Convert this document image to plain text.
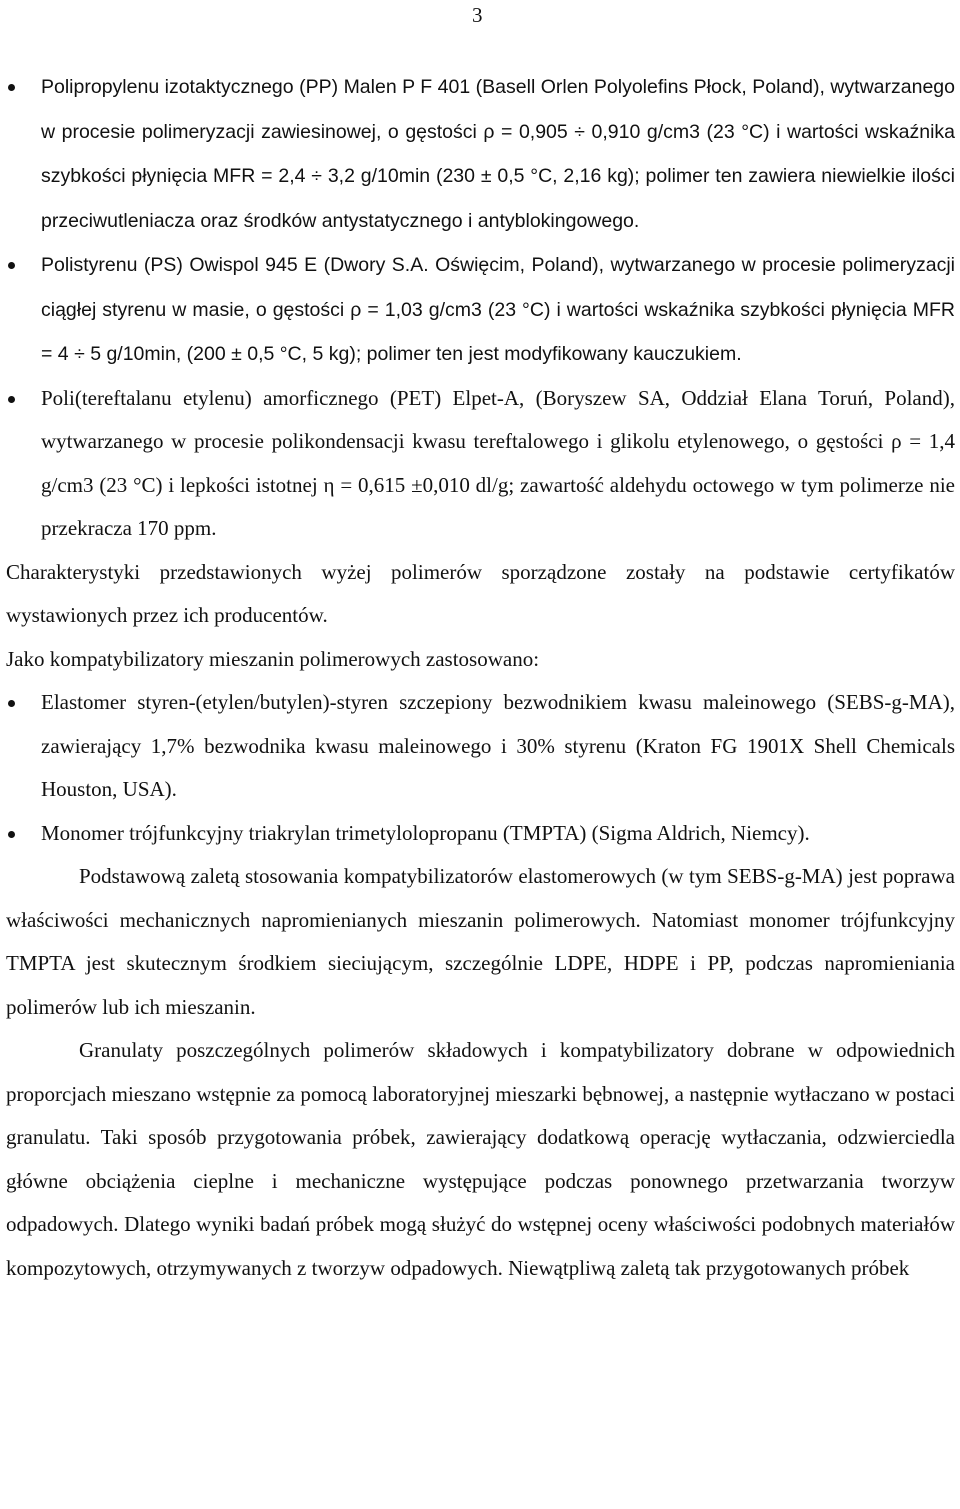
3
Polipropylenu izotaktycznego (PP) Malen P F 401 (Basell Orlen Polyolefins Płock, Poland), wytwarzanego w procesie polimeryzacji zawiesinowej, o gęstości ρ = 0,905 ÷ 0,910 g/cm3 (23 °C) i wartości wskaźnika szybkości płynięcia MFR = 2,4 ÷ 3,2 g/10min (230 ± 0,5 °C, 2,16 kg); polimer ten zawiera niewielkie ilości przeciwutleniacza oraz środków antystatycznego i antyblokingowego.
Polistyrenu (PS) Owispol 945 E (Dwory S.A. Oświęcim, Poland), wytwarzanego w procesie polimeryzacji ciągłej styrenu w masie, o gęstości ρ = 1,03 g/cm3 (23 °C) i wartości wskaźnika szybkości płynięcia MFR = 4 ÷ 5 g/10min, (200 ± 0,5 °C, 5 kg); polimer ten jest modyfikowany kauczukiem.
Poli(tereftalanu etylenu) amorficznego (PET) Elpet-A, (Boryszew SA, Oddział Elana Toruń, Poland), wytwarzanego w procesie polikondensacji kwasu tereftalowego i glikolu etylenowego, o gęstości ρ = 1,4 g/cm3 (23 °C) i lepkości istotnej η = 0,615 ±0,010 dl/g; zawartość aldehydu octowego w tym polimerze nie przekracza 170 ppm.

Charakterystyki przedstawionych wyżej polimerów sporządzone zostały na podstawie certyfikatów wystawionych przez ich producentów.

Jako kompatybilizatory mieszanin polimerowych zastosowano:

Elastomer styren-(etylen/butylen)-styren szczepiony bezwodnikiem kwasu maleinowego (SEBS-g-MA), zawierający 1,7% bezwodnika kwasu maleinowego i 30% styrenu (Kraton FG 1901X Shell Chemicals Houston, USA).
Monomer trójfunkcyjny triakrylan trimetylolopropanu (TMPTA) (Sigma Aldrich, Niemcy).

Podstawową zaletą stosowania kompatybilizatorów elastomerowych (w tym SEBS-g-MA) jest poprawa właściwości mechanicznych napromienianych mieszanin polimerowych. Natomiast monomer trójfunkcyjny TMPTA jest skutecznym środkiem sieciującym, szczególnie LDPE, HDPE i PP, podczas napromieniania polimerów lub ich mieszanin.

Granulaty poszczególnych polimerów składowych i kompatybilizatory dobrane w odpowiednich proporcjach mieszano wstępnie za pomocą laboratoryjnej mieszarki bębnowej, a następnie wytłaczano w postaci granulatu. Taki sposób przygotowania próbek, zawierający dodatkową operację wytłaczania, odzwierciedla główne obciążenia cieplne i mechaniczne występujące podczas ponownego przetwarzania tworzyw odpadowych. Dlatego wyniki badań próbek mogą służyć do wstępnej oceny właściwości podobnych materiałów kompozytowych, otrzymywanych z tworzyw odpadowych. Niewątpliwą zaletą tak przygotowanych próbek
